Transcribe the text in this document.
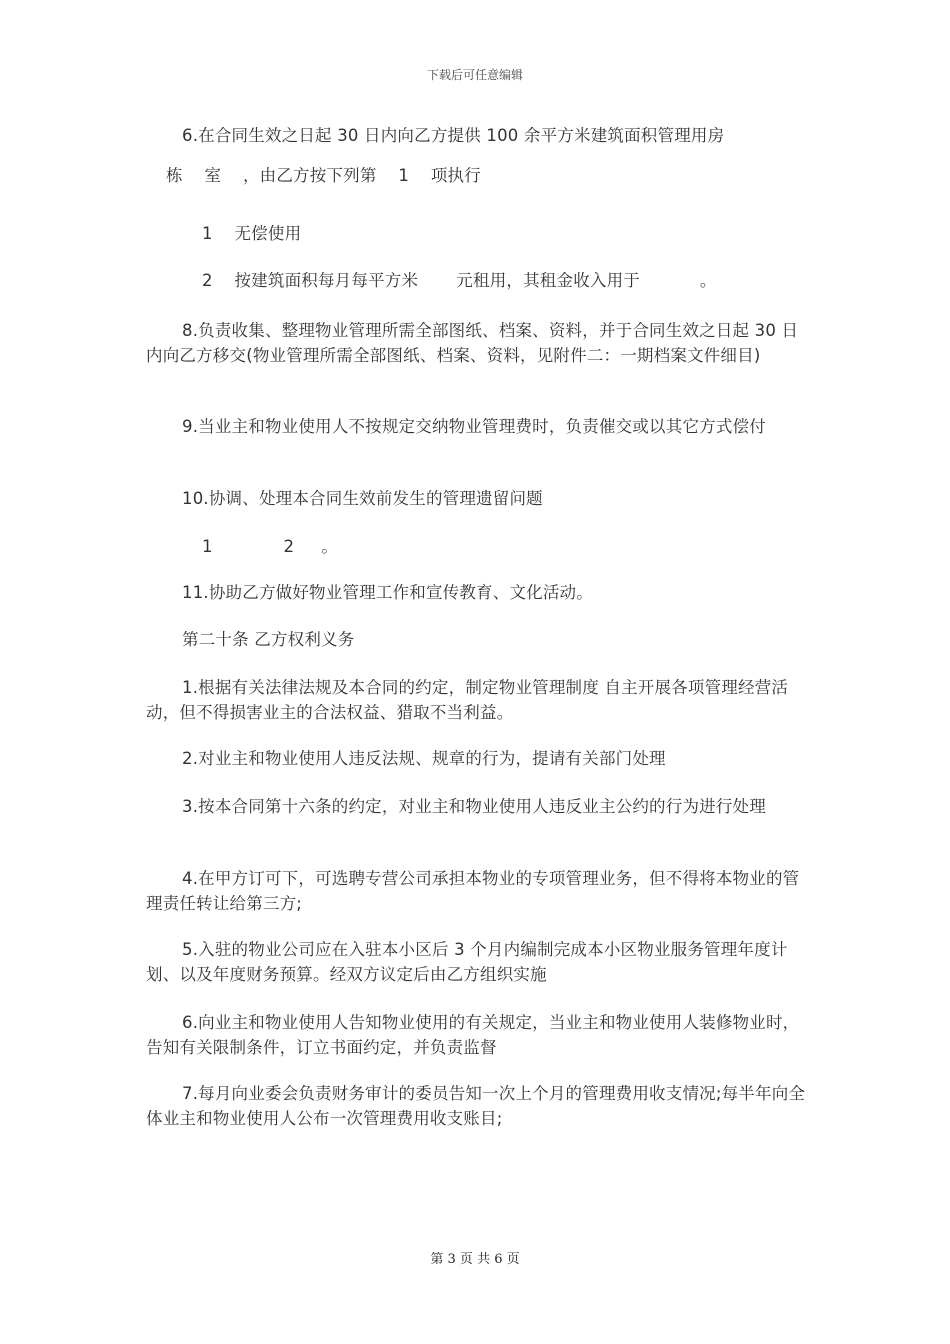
下载后可任意编辑
6.在合同生效之日起 30 日内向乙方提供 100 余平方米建筑面积管理用房
栋    室    ，由乙方按下列第    1    项执行
1    无偿使用
2    按建筑面积每月每平方米       元租用，其租金收入用于           。

8.负责收集、整理物业管理所需全部图纸、档案、资料，并于合同生效之日起 30 日内向乙方移交(物业管理所需全部图纸、档案、资料，见附件二：一期档案文件细目)

9.当业主和物业使用人不按规定交纳物业管理费时，负责催交或以其它方式偿付

10.协调、处理本合同生效前发生的管理遗留问题
1             2     。
11.协助乙方做好物业管理工作和宣传教育、文化活动。
第二十条 乙方权利义务

1.根据有关法律法规及本合同的约定，制定物业管理制度 自主开展各项管理经营活动，但不得损害业主的合法权益、猎取不当利益。

2.对业主和物业使用人违反法规、规章的行为，提请有关部门处理

3.按本合同第十六条的约定，对业主和物业使用人违反业主公约的行为进行处理

4.在甲方订可下，可选聘专营公司承担本物业的专项管理业务，但不得将本物业的管理责任转让给第三方;

5.入驻的物业公司应在入驻本小区后 3 个月内编制完成本小区物业服务管理年度计划、以及年度财务预算。经双方议定后由乙方组织实施

6.向业主和物业使用人告知物业使用的有关规定，当业主和物业使用人装修物业时，告知有关限制条件，订立书面约定，并负责监督

7.每月向业委会负责财务审计的委员告知一次上个月的管理费用收支情况;每半年向全体业主和物业使用人公布一次管理费用收支账目;

第 3 页 共 6 页
